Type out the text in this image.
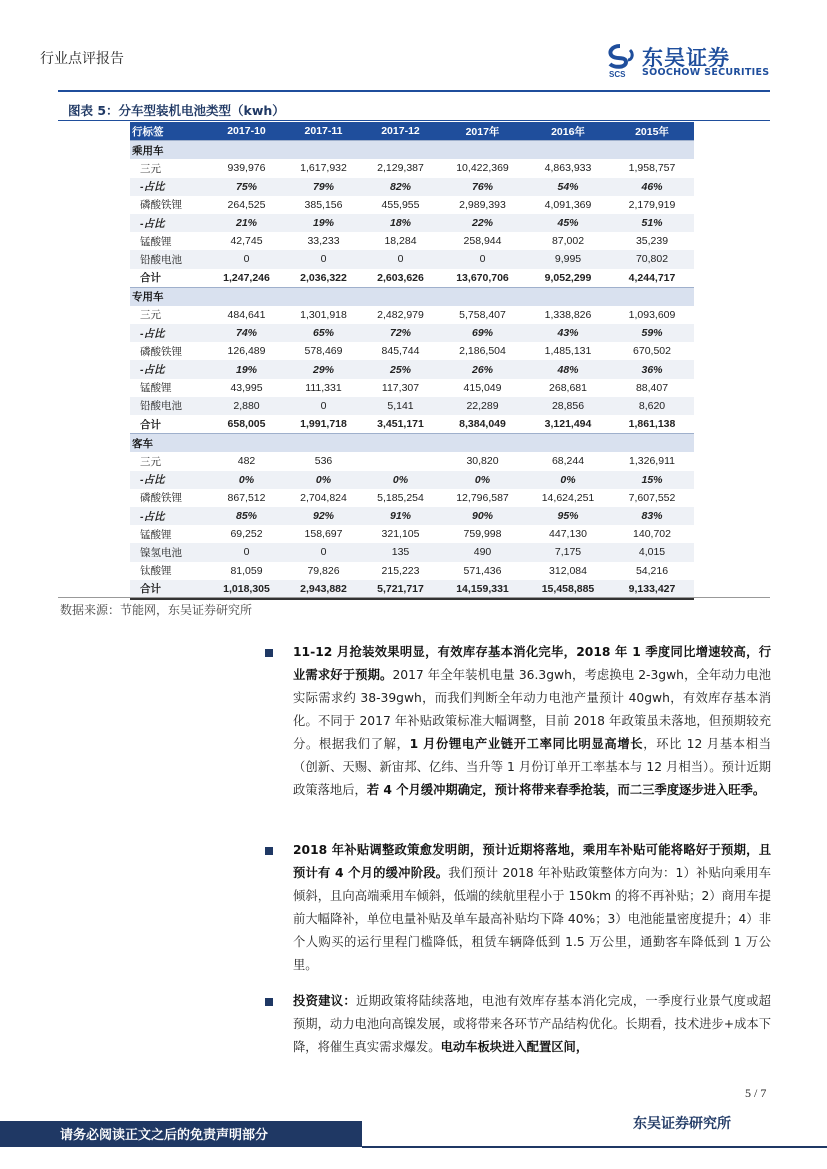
行业点评报告
SCS
东吴证券
SOOCHOW SECURITIES
图表 5：分车型装机电池类型（kwh）
行标签	2017-10	2017-11	2017-12	2017年	2016年	2015年
乘用车						
三元	939,976	1,617,932	2,129,387	10,422,369	4,863,933	1,958,757
-占比	75%	79%	82%	76%	54%	46%
磷酸铁锂	264,525	385,156	455,955	2,989,393	4,091,369	2,179,919
-占比	21%	19%	18%	22%	45%	51%
锰酸锂	42,745	33,233	18,284	258,944	87,002	35,239
铅酸电池	0	0	0	0	9,995	70,802
合计	1,247,246	2,036,322	2,603,626	13,670,706	9,052,299	4,244,717
专用车						
三元	484,641	1,301,918	2,482,979	5,758,407	1,338,826	1,093,609
-占比	74%	65%	72%	69%	43%	59%
磷酸铁锂	126,489	578,469	845,744	2,186,504	1,485,131	670,502
-占比	19%	29%	25%	26%	48%	36%
锰酸锂	43,995	111,331	117,307	415,049	268,681	88,407
铅酸电池	2,880	0	5,141	22,289	28,856	8,620
合计	658,005	1,991,718	3,451,171	8,384,049	3,121,494	1,861,138
客车						
三元	482	536		30,820	68,244	1,326,911
-占比	0%	0%	0%	0%	0%	15%
磷酸铁锂	867,512	2,704,824	5,185,254	12,796,587	14,624,251	7,607,552
-占比	85%	92%	91%	90%	95%	83%
锰酸锂	69,252	158,697	321,105	759,998	447,130	140,702
镍氢电池	0	0	135	490	7,175	4,015
钛酸锂	81,059	79,826	215,223	571,436	312,084	54,216
合计	1,018,305	2,943,882	5,721,717	14,159,331	15,458,885	9,133,427
数据来源：节能网，东吴证券研究所
11-12 月抢装效果明显，有效库存基本消化完毕，2018 年 1 季度同比增速较高，行业需求好于预期。2017 年全年装机电量 36.3gwh，考虑换电 2-3gwh，全年动力电池实际需求约 38-39gwh，而我们判断全年动力电池产量预计 40gwh，有效库存基本消化。不同于 2017 年补贴政策标准大幅调整，目前 2018 年政策虽未落地，但预期较充分。根据我们了解，1 月份锂电产业链开工率同比明显高增长，环比 12 月基本相当（创新、天赐、新宙邦、亿纬、当升等 1 月份订单开工率基本与 12 月相当）。预计近期政策落地后，若 4 个月缓冲期确定，预计将带来春季抢装，而二三季度逐步进入旺季。
2018 年补贴调整政策愈发明朗，预计近期将落地，乘用车补贴可能将略好于预期，且预计有 4 个月的缓冲阶段。我们预计 2018 年补贴政策整体方向为：1）补贴向乘用车倾斜，且向高端乘用车倾斜，低端的续航里程小于 150km 的将不再补贴；2）商用车提前大幅降补，单位电量补贴及单车最高补贴均下降 40%；3）电池能量密度提升；4）非个人购买的运行里程门槛降低，租赁车辆降低到 1.5 万公里，通勤客车降低到 1 万公里。
投资建议：近期政策将陆续落地，电池有效库存基本消化完成，一季度行业景气度或超预期，动力电池向高镍发展，或将带来各环节产品结构优化。长期看，技术进步+成本下降，将催生真实需求爆发。电动车板块进入配置区间，
5 / 7
东吴证券研究所
请务必阅读正文之后的免责声明部分
